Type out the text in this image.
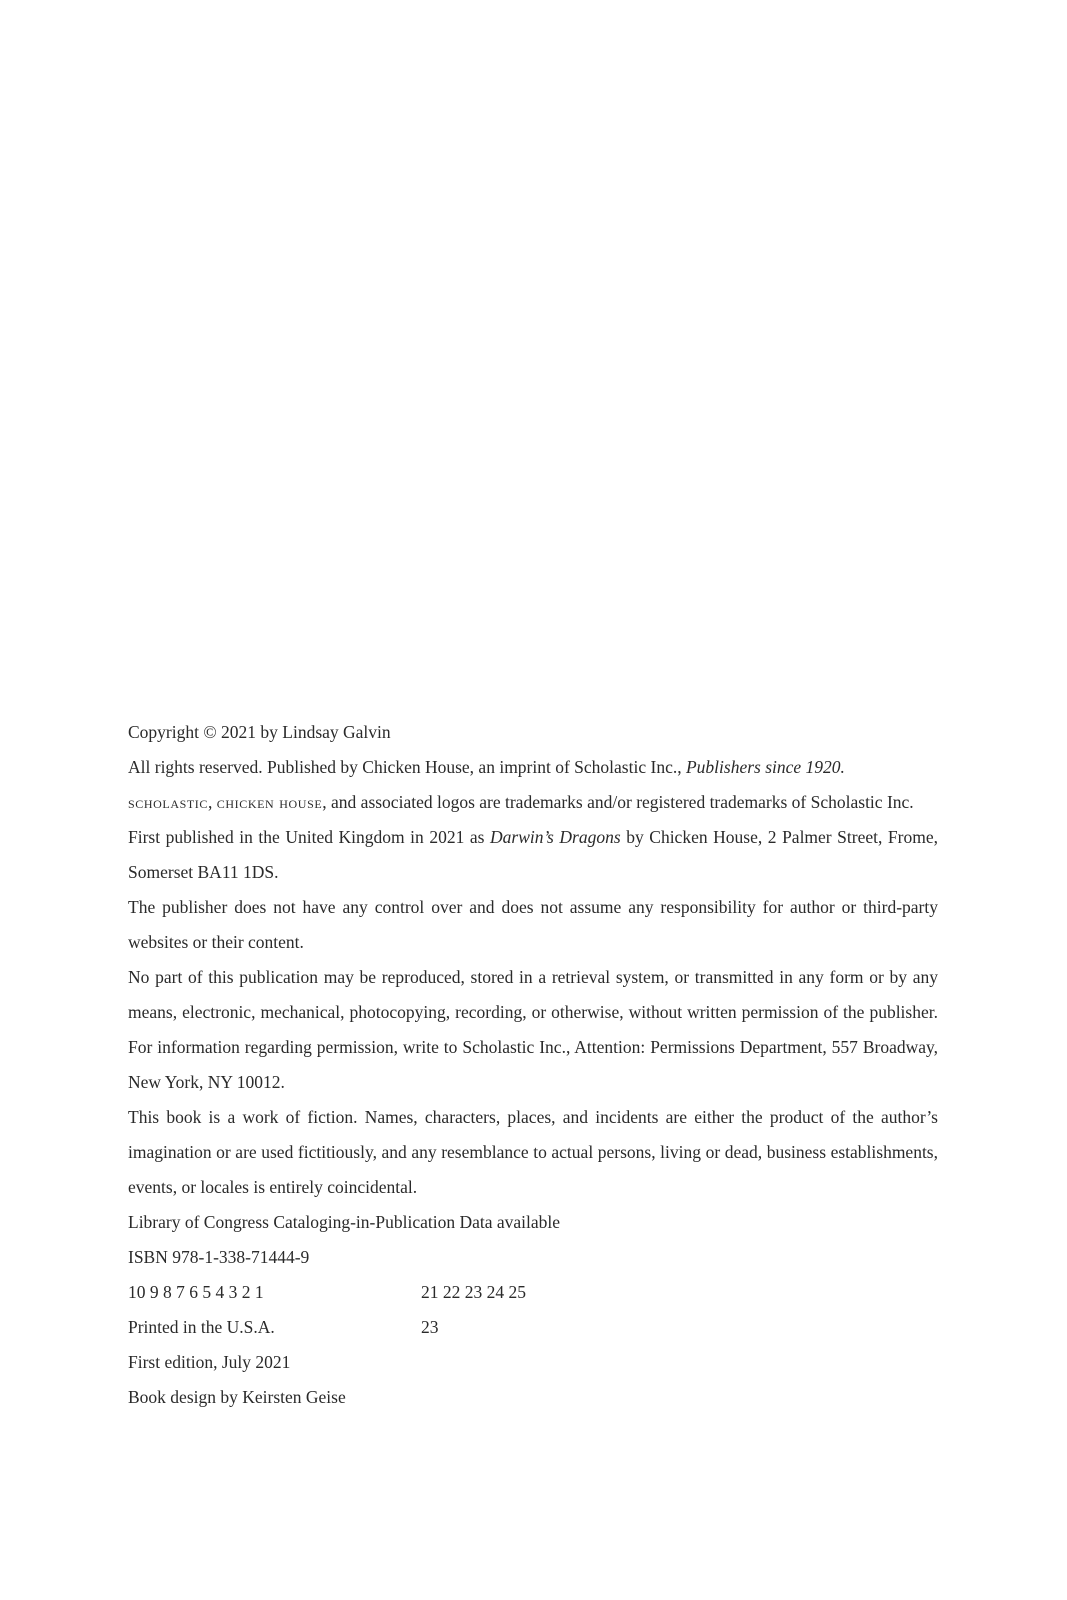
Copyright © 2021 by Lindsay Galvin

All rights reserved. Published by Chicken House, an imprint of Scholastic Inc., Publishers since 1920.

scholastic, chicken house, and associated logos are trademarks and/or registered trademarks of Scholastic Inc.

First published in the United Kingdom in 2021 as Darwin’s Dragons by Chicken House, 2 Palmer Street, Frome, Somerset BA11 1DS.

The publisher does not have any control over and does not assume any responsibility for author or third-party websites or their content.

No part of this publication may be reproduced, stored in a retrieval system, or transmitted in any form or by any means, electronic, mechanical, photocopying, recording, or otherwise, without written permission of the publisher. For information regarding permission, write to Scholastic Inc., Attention: Permissions Department, 557 Broadway, New York, NY 10012.

This book is a work of fiction. Names, characters, places, and incidents are either the product of the author’s imagination or are used fictitiously, and any resemblance to actual persons, living or dead, business establishments, events, or locales is entirely coincidental.

Library of Congress Cataloging-in-Publication Data available

ISBN 978-1-338-71444-9

10 9 8 7 6 5 4 3 2 1	21 22 23 24 25
Printed in the U.S.A.	23

First edition, July 2021

Book design by Keirsten Geise
